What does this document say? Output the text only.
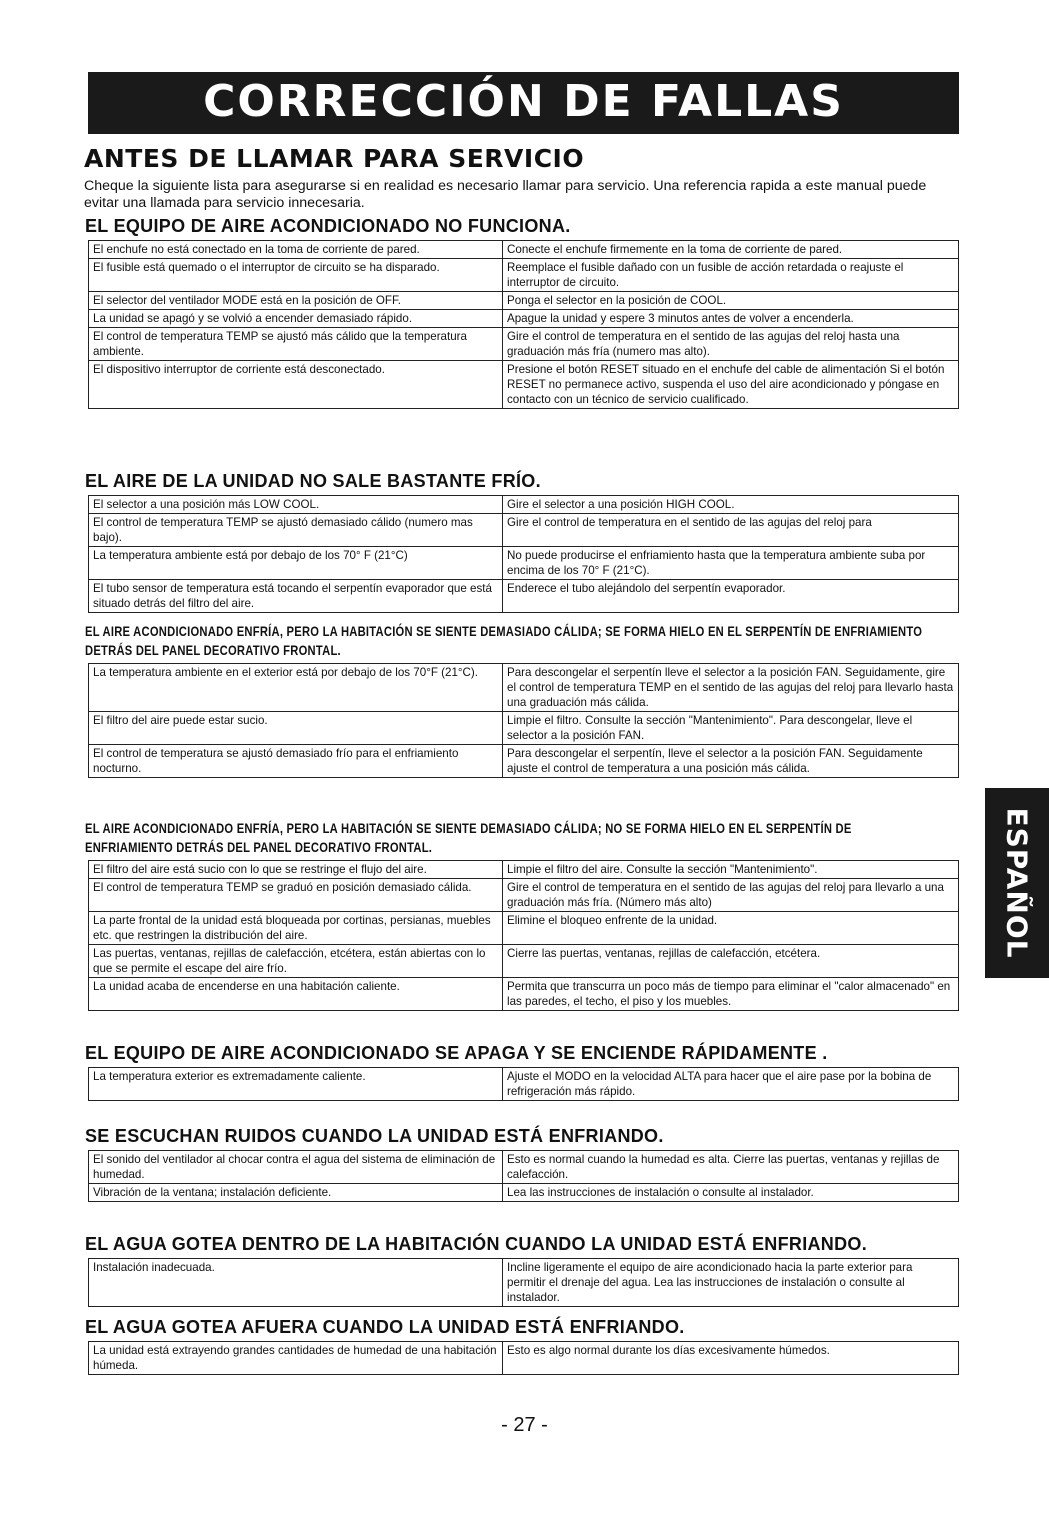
CORRECCIÓN DE FALLAS
ANTES DE LLAMAR PARA SERVICIO
Cheque la siguiente lista para asegurarse si en realidad es necesario llamar para servicio. Una referencia rapida a este manual puede evitar una llamada para servicio innecesaria.
EL EQUIPO DE AIRE ACONDICIONADO NO FUNCIONA.
El enchufe no está conectado en la toma de corriente de pared.	Conecte el enchufe firmemente en la toma de corriente de pared.
El fusible está quemado o el interruptor de circuito se ha disparado.	Reemplace el fusible dañado con un fusible de acción retardada o reajuste el interruptor de circuito.
El selector del ventilador MODE está en la posición de OFF.	Ponga el selector en la posición de COOL.
La unidad se apagó y se volvió a encender demasiado rápido.	Apague la unidad y espere 3 minutos antes de volver a encenderla.
El control de temperatura TEMP se ajustó más cálido que la temperatura ambiente.	Gire el control de temperatura en el sentido de las agujas del reloj hasta una graduación más fría (numero mas alto).
El dispositivo interruptor de corriente está desconectado.	Presione el botón RESET situado en el enchufe del cable de alimentación Si el botón RESET no permanece activo, suspenda el uso del aire acondicionado y póngase en contacto con un técnico de servicio cualificado.
EL AIRE DE LA UNIDAD NO SALE BASTANTE FRÍO.
El selector a una posición más LOW COOL.	Gire el selector a una posición HIGH COOL.
El control de temperatura TEMP se ajustó demasiado cálido (numero mas bajo).	Gire el control de temperatura en el sentido de las agujas del reloj para
La temperatura ambiente está por debajo de los 70° F (21°C)	No puede producirse el enfriamiento hasta que la temperatura ambiente suba por encima de los 70° F (21°C).
El tubo sensor de temperatura está tocando el serpentín evaporador que está situado detrás del filtro del aire.	Enderece el tubo alejándolo del serpentín evaporador.
EL AIRE ACONDICIONADO ENFRÍA, PERO LA HABITACIÓN SE SIENTE DEMASIADO CÁLIDA; SE FORMA HIELO EN EL SERPENTÍN DE ENFRIAMIENTO DETRÁS DEL PANEL DECORATIVO FRONTAL.
La temperatura ambiente en el exterior está por debajo de los 70°F (21°C).	Para descongelar el serpentín lleve el selector a la posición FAN. Seguidamente, gire el control de temperatura TEMP en el sentido de las agujas del reloj para llevarlo hasta una graduación más cálida.
El filtro del aire puede estar sucio.	Limpie el filtro. Consulte la sección "Mantenimiento". Para descongelar, lleve el selector a la posición FAN.
El control de temperatura se ajustó demasiado frío para el enfriamiento nocturno.	Para descongelar el serpentín, lleve el selector a la posición FAN. Seguidamente ajuste el control de temperatura a una posición más cálida.
EL AIRE ACONDICIONADO ENFRÍA, PERO LA HABITACIÓN SE SIENTE DEMASIADO CÁLIDA; NO SE FORMA HIELO EN EL SERPENTÍN DE ENFRIAMIENTO DETRÁS DEL PANEL DECORATIVO FRONTAL.
El filtro del aire está sucio con lo que se restringe el flujo del aire.	Limpie el filtro del aire. Consulte la sección "Mantenimiento".
El control de temperatura TEMP se graduó en posición demasiado cálida.	Gire el control de temperatura en el sentido de las agujas del reloj para llevarlo a una graduación más fría. (Número más alto)
La parte frontal de la unidad está bloqueada por cortinas, persianas, muebles etc. que restringen la distribución del aire.	Elimine el bloqueo enfrente de la unidad.
Las puertas, ventanas, rejillas de calefacción, etcétera, están abiertas con lo que se permite el escape del aire frío.	Cierre las puertas, ventanas, rejillas de calefacción, etcétera.
La unidad acaba de encenderse en una habitación caliente.	Permita que transcurra un poco más de tiempo para eliminar el "calor almacenado" en las paredes, el techo, el piso y los muebles.
EL EQUIPO DE AIRE ACONDICIONADO SE APAGA Y SE ENCIENDE RÁPIDAMENTE .
La temperatura exterior es extremadamente caliente.	Ajuste el MODO en la velocidad ALTA para hacer que el aire pase por la bobina de refrigeración más rápido.
SE ESCUCHAN RUIDOS CUANDO LA UNIDAD ESTÁ ENFRIANDO.
El sonido del ventilador al chocar contra el agua del sistema de eliminación de humedad.	Esto es normal cuando la humedad es alta. Cierre las puertas, ventanas y rejillas de calefacción.
Vibración de la ventana; instalación deficiente.	Lea las instrucciones de instalación o consulte al instalador.
EL AGUA GOTEA DENTRO DE LA HABITACIÓN CUANDO LA UNIDAD ESTÁ ENFRIANDO.
Instalación inadecuada.	Incline ligeramente el equipo de aire acondicionado hacia la parte exterior para permitir el drenaje del agua. Lea las instrucciones de instalación o consulte al instalador.
EL AGUA GOTEA AFUERA CUANDO LA UNIDAD ESTÁ ENFRIANDO.
La unidad está extrayendo grandes cantidades de humedad de una habitación húmeda.	Esto es algo normal durante los días excesivamente húmedos.
ESPAÑOL
- 27 -
